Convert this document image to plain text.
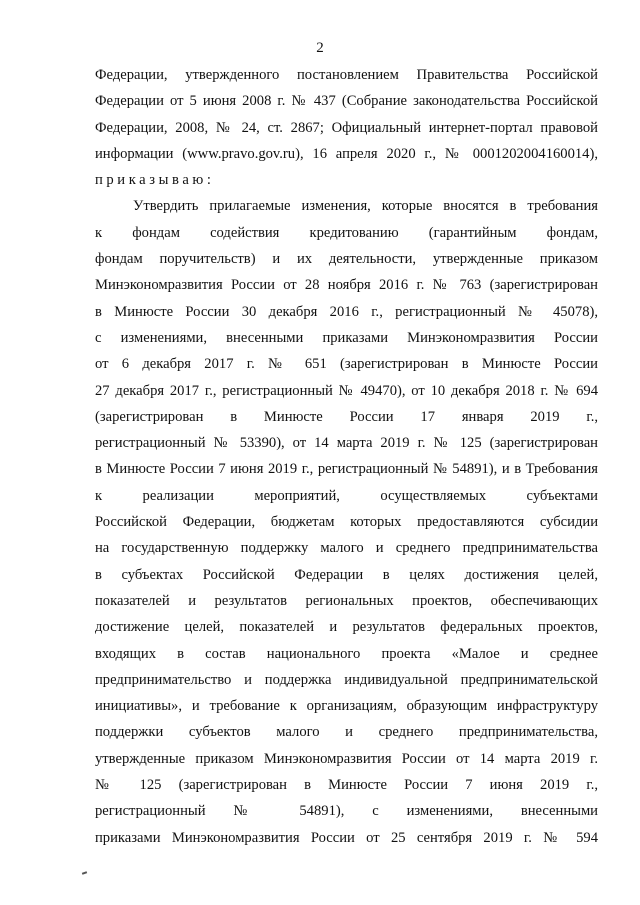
2
Федерации, утвержденного постановлением Правительства Российской
Федерации от 5 июня 2008 г. № 437 (Собрание законодательства Российской
Федерации, 2008, № 24, ст. 2867; Официальный интернет-портал правовой
информации (www.pravo.gov.ru), 16 апреля 2020 г., № 0001202004160014),
приказываю:
Утвердить прилагаемые изменения, которые вносятся в требования
к фондам содействия кредитованию (гарантийным фондам,
фондам поручительств) и их деятельности, утвержденные приказом
Минэкономразвития России от 28 ноября 2016 г. № 763 (зарегистрирован
в Минюсте России 30 декабря 2016 г., регистрационный № 45078),
с изменениями, внесенными приказами Минэкономразвития России
от 6 декабря 2017 г. № 651 (зарегистрирован в Минюсте России
27 декабря 2017 г., регистрационный № 49470), от 10 декабря 2018 г. № 694
(зарегистрирован в Минюсте России 17 января 2019 г.,
регистрационный № 53390), от 14 марта 2019 г. № 125 (зарегистрирован
в Минюсте России 7 июня 2019 г., регистрационный № 54891), и в Требования
к реализации мероприятий, осуществляемых субъектами
Российской Федерации, бюджетам которых предоставляются субсидии
на государственную поддержку малого и среднего предпринимательства
в субъектах Российской Федерации в целях достижения целей,
показателей и результатов региональных проектов, обеспечивающих
достижение целей, показателей и результатов федеральных проектов,
входящих в состав национального проекта «Малое и среднее
предпринимательство и поддержка индивидуальной предпринимательской
инициативы», и требование к организациям, образующим инфраструктуру
поддержки субъектов малого и среднего предпринимательства,
утвержденные приказом Минэкономразвития России от 14 марта 2019 г.
№ 125 (зарегистрирован в Минюсте России 7 июня 2019 г.,
регистрационный № 54891), с изменениями, внесенными
приказами Минэкономразвития России от 25 сентября 2019 г. № 594
